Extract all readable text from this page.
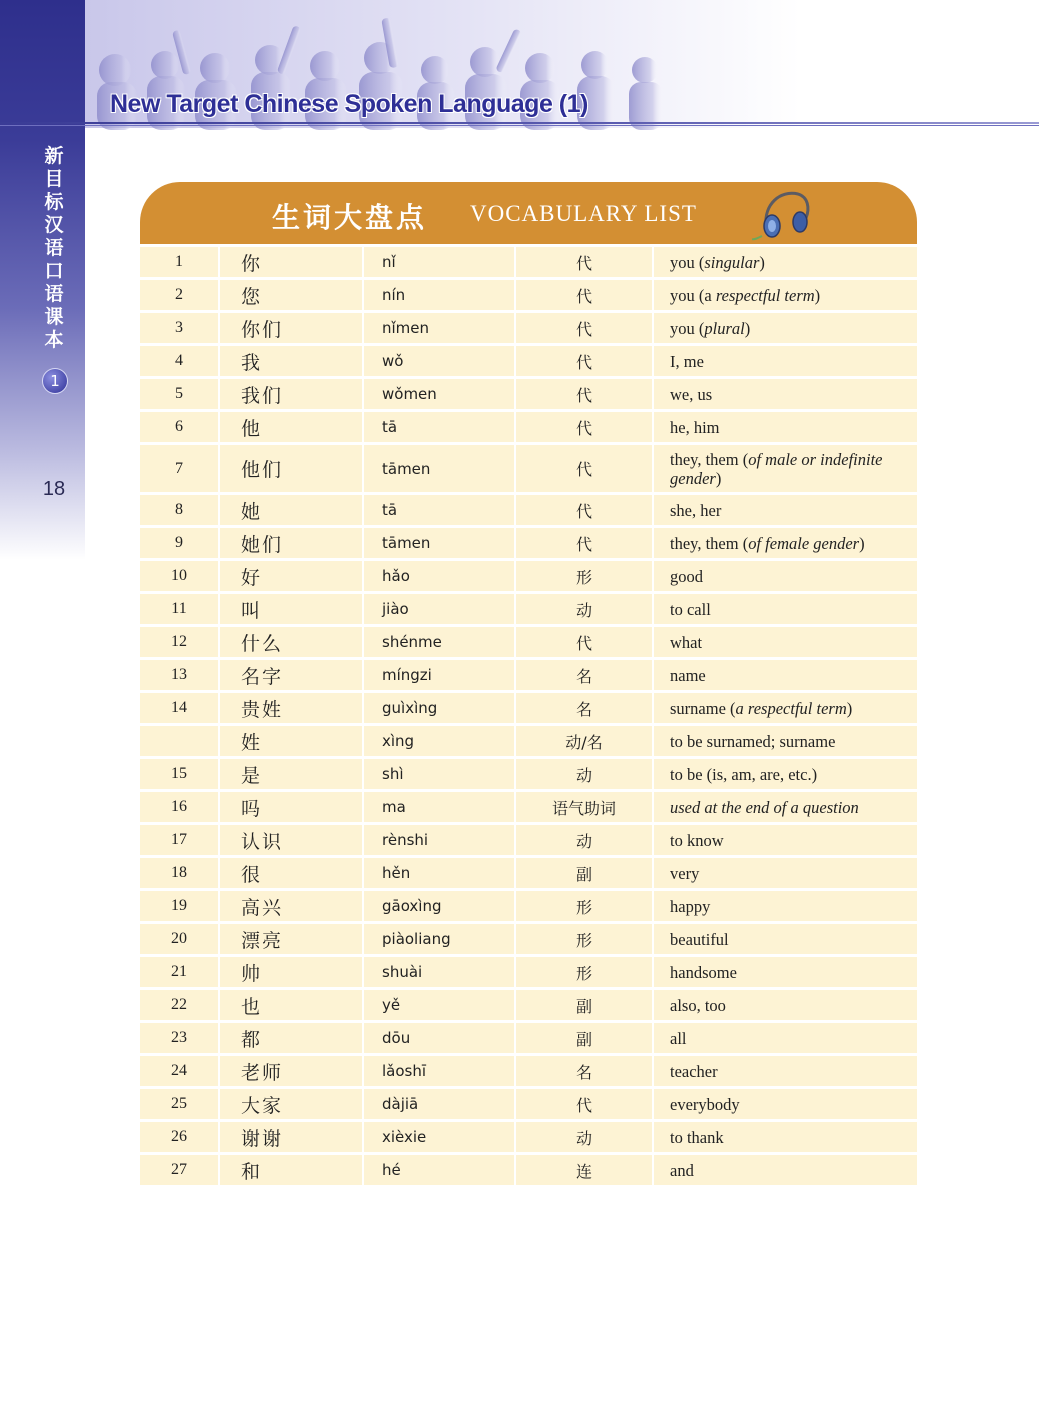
新目标汉语口语课本
1
18
New Target Chinese Spoken Language (1)
生词大盘点 VOCABULARY LIST
1	你	nǐ	代	you (singular)
2	您	nín	代	you (a respectful term)
3	你们	nǐmen	代	you (plural)
4	我	wǒ	代	I, me
5	我们	wǒmen	代	we, us
6	他	tā	代	he, him
7	他们	tāmen	代	they, them (of male or indefinite gender)
8	她	tā	代	she, her
9	她们	tāmen	代	they, them (of female gender)
10	好	hǎo	形	good
11	叫	jiào	动	to call
12	什么	shénme	代	what
13	名字	míngzi	名	name
14	贵姓	guìxìng	名	surname (a respectful term)
	姓	xìng	动/名	to be surnamed; surname
15	是	shì	动	to be (is, am, are, etc.)
16	吗	ma	语气助词	used at the end of a question
17	认识	rènshi	动	to know
18	很	hěn	副	very
19	高兴	gāoxìng	形	happy
20	漂亮	piàoliang	形	beautiful
21	帅	shuài	形	handsome
22	也	yě	副	also, too
23	都	dōu	副	all
24	老师	lǎoshī	名	teacher
25	大家	dàjiā	代	everybody
26	谢谢	xièxie	动	to thank
27	和	hé	连	and
